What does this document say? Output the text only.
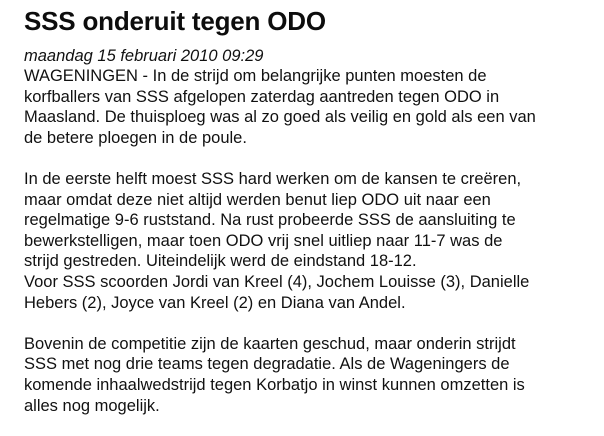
SSS onderuit tegen ODO
maandag 15 februari 2010 09:29

WAGENINGEN - In de strijd om belangrijke punten moesten de
korfballers van SSS afgelopen zaterdag aantreden tegen ODO in
Maasland. De thuisploeg was al zo goed als veilig en gold als een van
de betere ploegen in de poule.

In de eerste helft moest SSS hard werken om de kansen te creëren,
maar omdat deze niet altijd werden benut liep ODO uit naar een
regelmatige 9-6 ruststand. Na rust probeerde SSS de aansluiting te
bewerkstelligen, maar toen ODO vrij snel uitliep naar 11-7 was de
strijd gestreden. Uiteindelijk werd de eindstand 18-12.

Voor SSS scoorden Jordi van Kreel (4), Jochem Louisse (3), Danielle
Hebers (2), Joyce van Kreel (2) en Diana van Andel.

Bovenin de competitie zijn de kaarten geschud, maar onderin strijdt
SSS met nog drie teams tegen degradatie. Als de Wageningers de
komende inhaalwedstrijd tegen Korbatjo in winst kunnen omzetten is
alles nog mogelijk.
